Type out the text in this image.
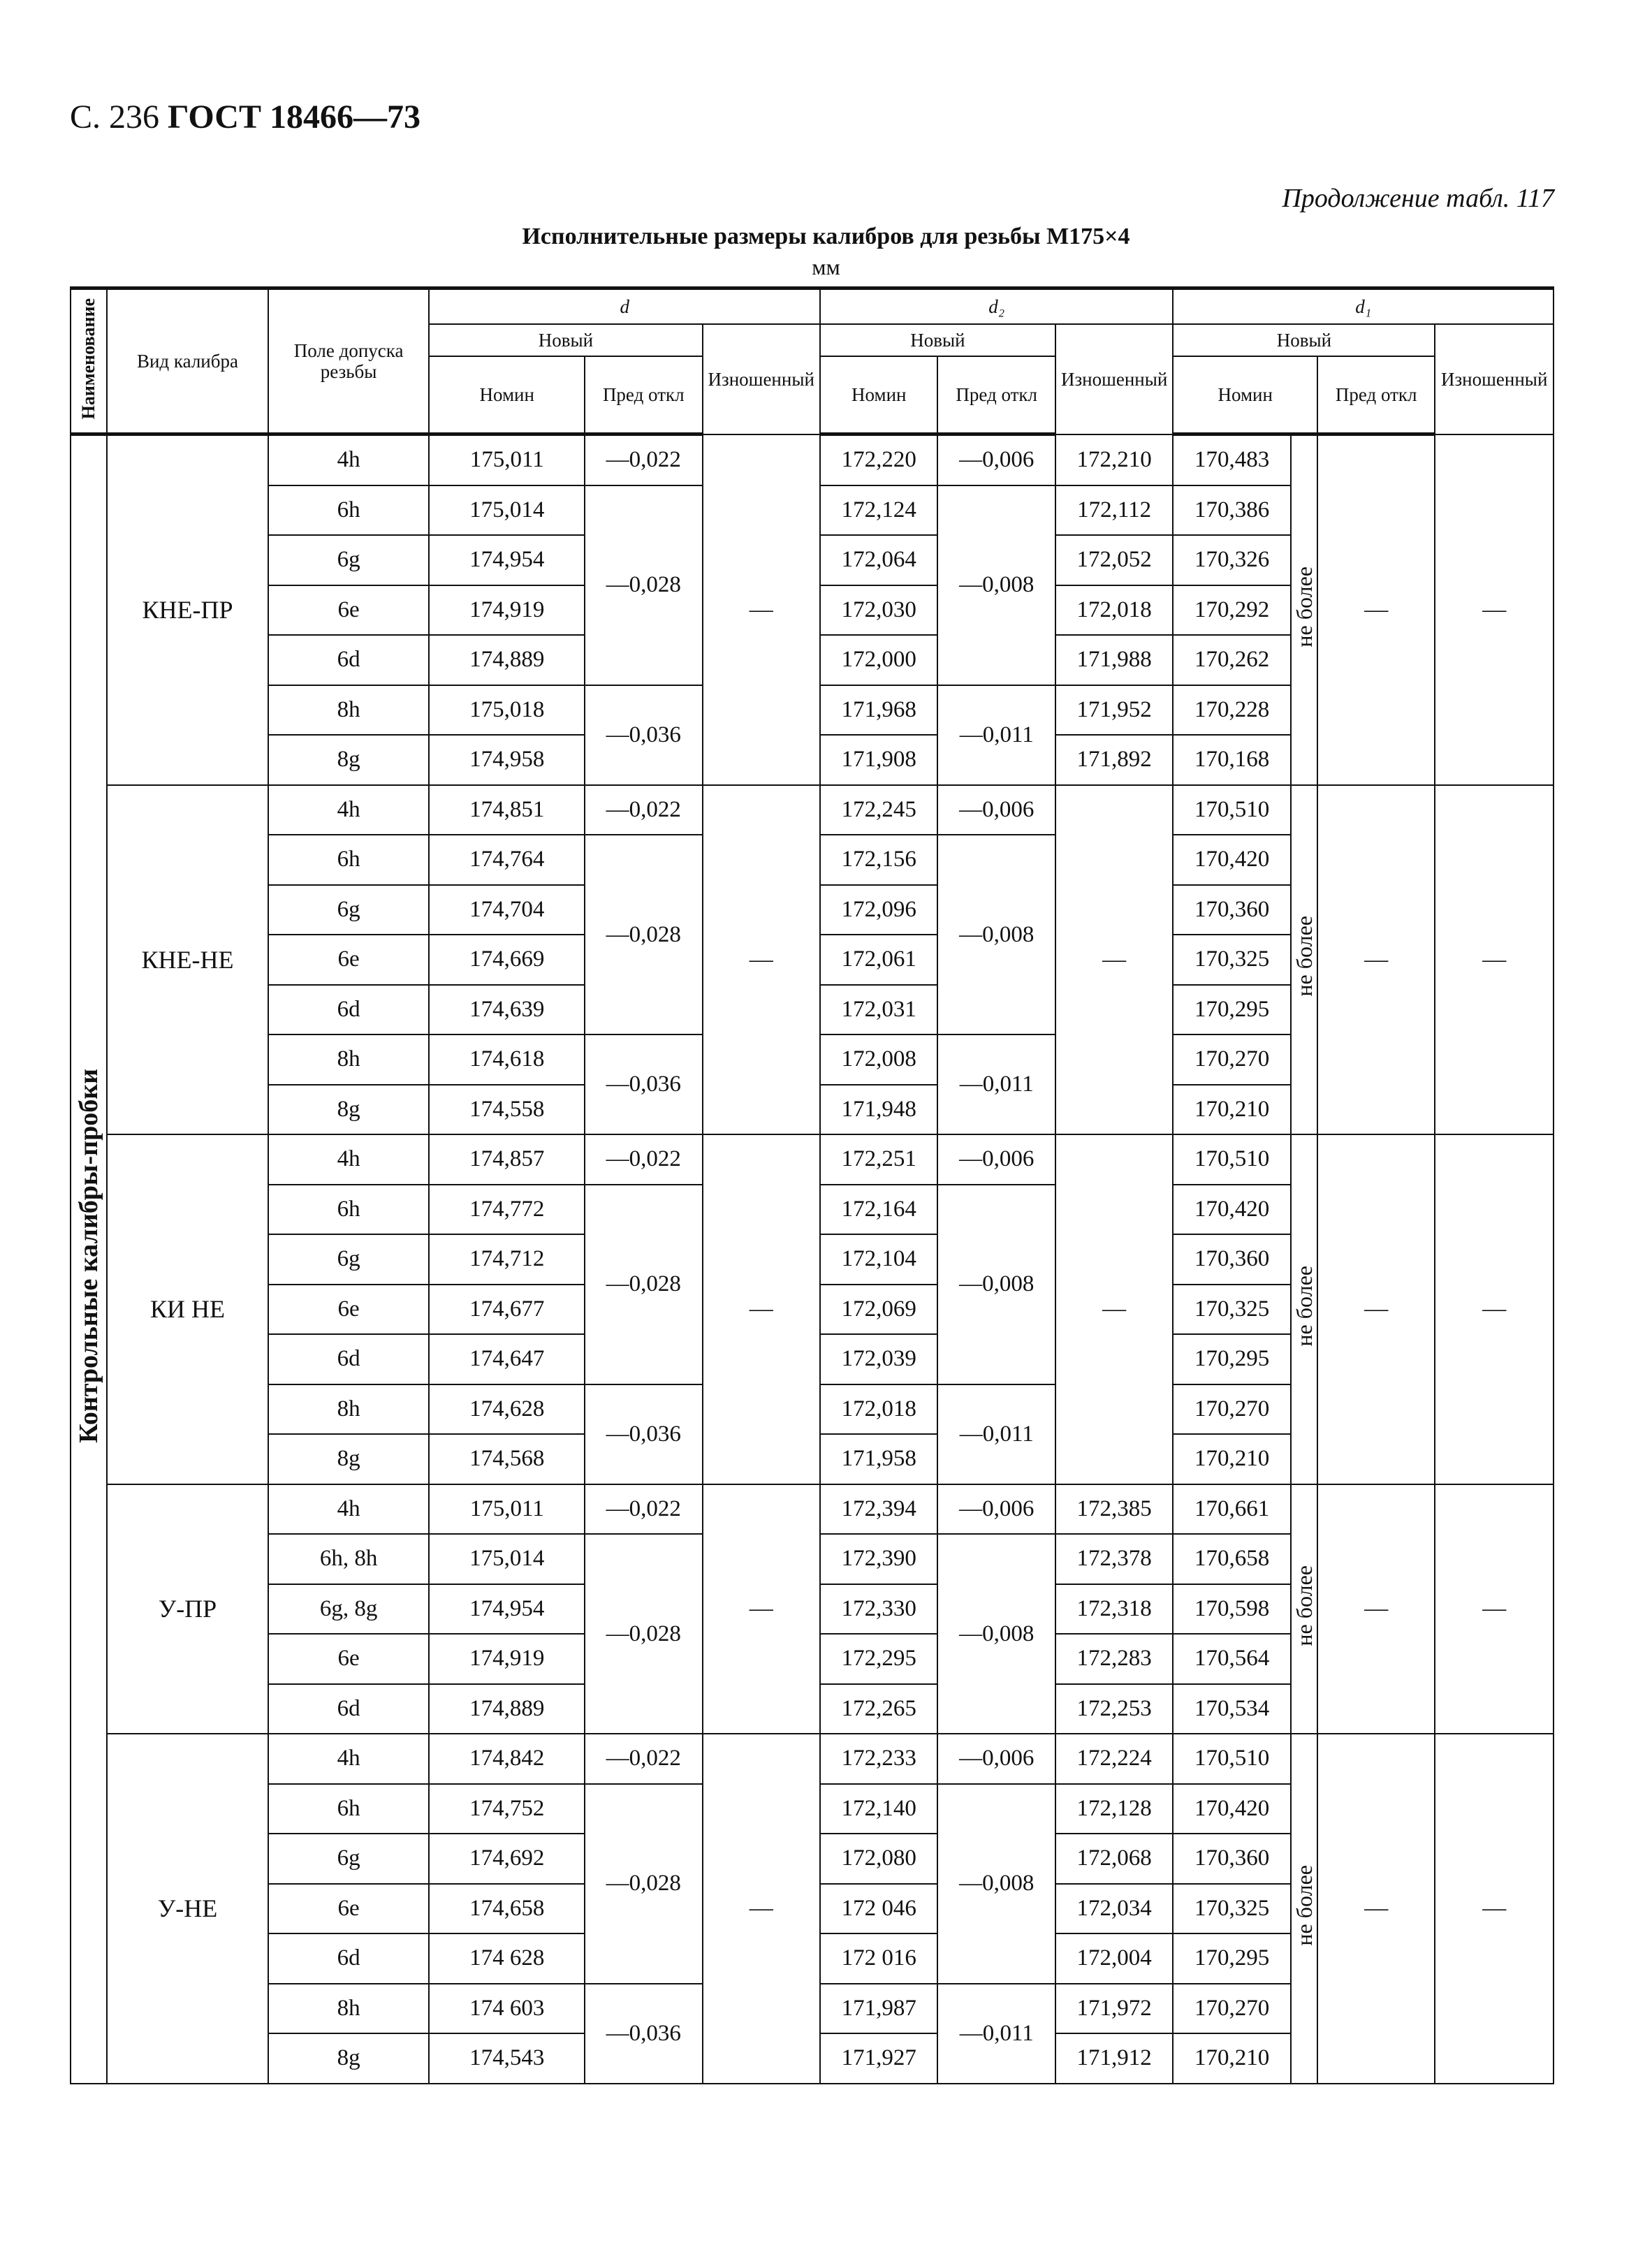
С. 236 ГОСТ 18466—73
Продолжение табл. 117
Исполнительные размеры калибров для резьбы М175×4
мм
Наименование	Вид калибра	Поле допуска резьбы	d			d₂			d₁			
			Новый		Изношенный	Новый		Изношенный	Новый			Изношенный
			Номин	Пред откл		Номин	Пред откл		Номин		Пред откл	
Контрольные калибры-пробки	КНЕ-ПР	4h	175,011	—0,022	—	172,220	—0,006	172,210	170,483	не более	—	—
		6h	175,014	—0,028		172,124	—0,008	172,112	170,386			
		6g	174,954			172,064		172,052	170,326			
		6e	174,919			172,030		172,018	170,292			
		6d	174,889			172,000		171,988	170,262			
		8h	175,018	—0,036		171,968	—0,011	171,952	170,228			
		8g	174,958			171,908		171,892	170,168			
	КНЕ-НЕ	4h	174,851	—0,022	—	172,245	—0,006	—	170,510	не более	—	—
		6h	174,764	—0,028		172,156	—0,008		170,420			
		6g	174,704			172,096			170,360			
		6e	174,669			172,061			170,325			
		6d	174,639			172,031			170,295			
		8h	174,618	—0,036		172,008	—0,011		170,270			
		8g	174,558			171,948			170,210			
	КИ НЕ	4h	174,857	—0,022	—	172,251	—0,006	—	170,510	не более	—	—
		6h	174,772	—0,028		172,164	—0,008		170,420			
		6g	174,712			172,104			170,360			
		6e	174,677			172,069			170,325			
		6d	174,647			172,039			170,295			
		8h	174,628	—0,036		172,018	—0,011		170,270			
		8g	174,568			171,958			170,210			
	У-ПР	4h	175,011	—0,022	—	172,394	—0,006	172,385	170,661	не более	—	—
		6h, 8h	175,014	—0,028		172,390	—0,008	172,378	170,658			
		6g, 8g	174,954			172,330		172,318	170,598			
		6e	174,919			172,295		172,283	170,564			
		6d	174,889			172,265		172,253	170,534			
	У-НЕ	4h	174,842	—0,022	—	172,233	—0,006	172,224	170,510	не более	—	—
		6h	174,752	—0,028		172,140	—0,008	172,128	170,420			
		6g	174,692			172,080		172,068	170,360			
		6e	174,658			172 046		172,034	170,325			
		6d	174 628			172 016		172,004	170,295			
		8h	174 603	—0,036		171,987	—0,011	171,972	170,270			
		8g	174,543			171,927		171,912	170,210			
